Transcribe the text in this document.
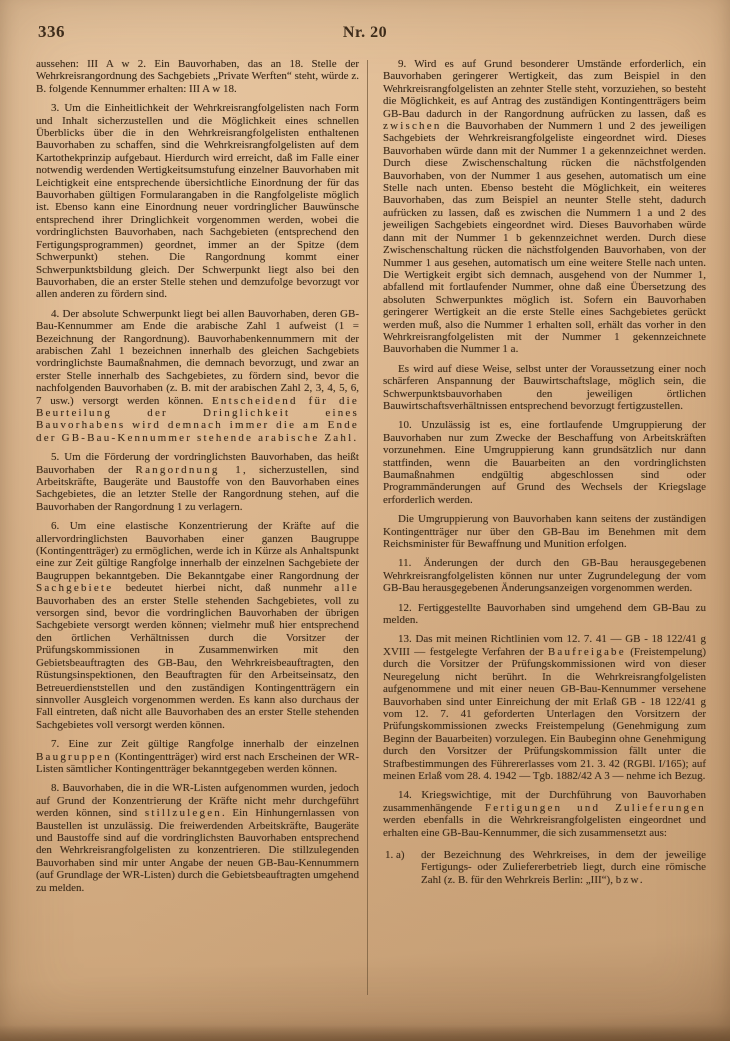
336	Nr. 20

aussehen: III A w 2. Ein Bauvorhaben, das an 18. Stelle der Wehrkreisrangordnung des Sachgebiets „Private Werften“ steht, würde z. B. folgende Kennummer erhalten: III A w 18.

3. Um die Einheitlichkeit der Wehrkreisrangfolgelisten nach Form und Inhalt sicherzustellen und die Möglichkeit eines schnellen Überblicks über die in den Wehrkreisrangfolgelisten enthaltenen Bauvorhaben zu schaffen, sind die Wehrkreisrangfolgelisten auf dem Kartothekprinzip aufgebaut. Hierdurch wird erreicht, daß im Falle einer notwendig werdenden Wertigkeitsumstufung einzelner Bauvorhaben mit Leichtigkeit eine entsprechende übersichtliche Einordnung der für das Bauvorhaben gültigen Formularangaben in die Rangfolgeliste möglich ist. Ebenso kann eine Einordnung neuer vordringlicher Bauwünsche entsprechend ihrer Dringlichkeit vorgenommen werden, wobei die vordringlichsten Bauvorhaben, nach Sachgebieten (entsprechend den Fertigungsprogrammen) geordnet, immer an der Spitze (dem Schwerpunkt) stehen. Die Rangordnung kommt einer Schwerpunktsbildung gleich. Der Schwerpunkt liegt also bei den Bauvorhaben, die an erster Stelle stehen und demzufolge bevorzugt vor allen anderen zu fördern sind.

4. Der absolute Schwerpunkt liegt bei allen Bauvorhaben, deren GB-Bau-Kennummer am Ende die arabische Zahl 1 aufweist (1 = Bezeichnung der Rangordnung). Bauvorhabenkennummern mit der arabischen Zahl 1 bezeichnen innerhalb des gleichen Sachgebiets vordringlichste Baumaßnahmen, die demnach bevorzugt, und zwar an erster Stelle innerhalb des Sachgebietes, zu fördern sind, bevor die nachfolgenden Bauvorhaben (z. B. mit der arabischen Zahl 2, 3, 4, 5, 6, 7 usw.) versorgt werden können. Entscheidend für die Beurteilung der Dringlichkeit eines Bauvorhabens wird demnach immer die am Ende der GB-Bau-Kennummer stehende arabische Zahl.

5. Um die Förderung der vordringlichsten Bauvorhaben, das heißt Bauvorhaben der Rangordnung 1, sicherzustellen, sind Arbeitskräfte, Baugeräte und Baustoffe von den Bauvorhaben eines Sachgebietes, die an letzter Stelle der Rangordnung stehen, auf die Bauvorhaben der Rangordnung 1 zu verlagern.

6. Um eine elastische Konzentrierung der Kräfte auf die allervordringlichsten Bauvorhaben einer ganzen Baugruppe (Kontingentträger) zu ermöglichen, werde ich in Kürze als Anhaltspunkt eine zur Zeit gültige Rangfolge innerhalb der einzelnen Sachgebiete der Baugruppen bekanntgeben. Die Bekanntgabe einer Rangordnung der Sachgebiete bedeutet hierbei nicht, daß nunmehr alle Bauvorhaben des an erster Stelle stehenden Sachgebietes, voll zu versorgen sind, bevor die vordringlichen Bauvorhaben der übrigen Sachgebiete versorgt werden können; vielmehr muß hier entsprechend den örtlichen Verhältnissen durch die Vorsitzer der Prüfungskommissionen in Zusammenwirken mit den Gebietsbeauftragten des GB-Bau, den Wehrkreisbeauftragten, den Rüstungsinspektionen, den Beauftragten für den Arbeitseinsatz, den Betreuerdienststellen und den zuständigen Kontingentträgern ein sinnvoller Ausgleich vorgenommen werden. Es kann also durchaus der Fall eintreten, daß nicht alle Bauvorhaben des an erster Stelle stehenden Sachgebietes voll versorgt werden können.

7. Eine zur Zeit gültige Rangfolge innerhalb der einzelnen Baugruppen (Kontingentträger) wird erst nach Erscheinen der WR-Listen sämtlicher Kontingentträger bekanntgegeben werden können.

8. Bauvorhaben, die in die WR-Listen aufgenommen wurden, jedoch auf Grund der Konzentrierung der Kräfte nicht mehr durchgeführt werden können, sind stillzulegen. Ein Hinhungernlassen von Baustellen ist unzulässig. Die freiwerdenden Arbeitskräfte, Baugeräte und Baustoffe sind auf die vordringlichsten Bauvorhaben entsprechend den Wehrkreisrangfolgelisten zu konzentrieren. Die stillzulegenden Bauvorhaben sind mir unter Angabe der neuen GB-Bau-Kennummern (auf Grundlage der WR-Listen) durch die Gebietsbeauftragten umgehend zu melden.

9. Wird es auf Grund besonderer Umstände erforderlich, ein Bauvorhaben geringerer Wertigkeit, das zum Beispiel in den Wehrkreisrangfolgelisten an zehnter Stelle steht, vorzuziehen, so besteht die Möglichkeit, es auf Antrag des zuständigen Kontingentträgers beim GB-Bau dadurch in der Rangordnung aufrücken zu lassen, daß es zwischen die Bauvorhaben der Nummern 1 und 2 des jeweiligen Sachgebiets der Wehrkreisrangfolgeliste eingeordnet wird. Dieses Bauvorhaben würde dann mit der Nummer 1 a gekennzeichnet werden. Durch diese Zwischenschaltung rücken die nächstfolgenden Bauvorhaben, von der Nummer 1 aus gesehen, automatisch um eine Stelle nach unten. Ebenso besteht die Möglichkeit, ein weiteres Bauvorhaben, das zum Beispiel an neunter Stelle steht, dadurch aufrücken zu lassen, daß es zwischen die Nummern 1 a und 2 des jeweiligen Sachgebiets eingeordnet wird. Dieses Bauvorhaben würde dann mit der Nummer 1 b gekennzeichnet werden. Durch diese Zwischenschaltung rücken die nächstfolgenden Bauvorhaben, von der Nummer 1 aus gesehen, automatisch um eine weitere Stelle nach unten. Die Wertigkeit ergibt sich demnach, ausgehend von der Nummer 1, abfallend mit fortlaufender Nummer, ohne daß eine Übersetzung des absoluten Schwerpunktes möglich ist. Sofern ein Bauvorhaben geringerer Wertigkeit an die erste Stelle eines Sachgebietes gerückt werden muß, also die Nummer 1 erhalten soll, erhält das vorher in den Wehrkreisrangfolgelisten mit der Nummer 1 gekennzeichnete Bauvorhaben die Nummer 1 a.

Es wird auf diese Weise, selbst unter der Voraussetzung einer noch schärferen Anspannung der Bauwirtschaftslage, möglich sein, die Schwerpunktsbauvorhaben den jeweiligen örtlichen Bauwirtschaftsverhältnissen entsprechend bevorzugt fertigzustellen.

10. Unzulässig ist es, eine fortlaufende Umgruppierung der Bauvorhaben nur zum Zwecke der Beschaffung von Arbeitskräften vorzunehmen. Eine Umgruppierung kann grundsätzlich nur dann stattfinden, wenn die Bauarbeiten an den vordringlichsten Baumaßnahmen endgültig abgeschlossen sind oder Programmänderungen auf Grund des Wechsels der Kriegslage erforderlich werden.

Die Umgruppierung von Bauvorhaben kann seitens der zuständigen Kontingentträger nur über den GB-Bau im Benehmen mit dem Reichsminister für Bewaffnung und Munition erfolgen.

11. Änderungen der durch den GB-Bau herausgegebenen Wehrkreisrangfolgelisten können nur unter Zugrundelegung der vom GB-Bau herausgegebenen Änderungsanzeigen vorgenommen werden.

12. Fertiggestellte Bauvorhaben sind umgehend dem GB-Bau zu melden.

13. Das mit meinen Richtlinien vom 12. 7. 41 — GB - 18 122/41 g XVIII — festgelegte Verfahren der Baufreigabe (Freistempelung) durch die Vorsitzer der Prüfungskommissionen wird von dieser Neuregelung nicht berührt. In die Wehrkreisrangfolgelisten aufgenommene und mit einer neuen GB-Bau-Kennummer versehene Bauvorhaben sind unter Einreichung der mit Erlaß GB - 18 122/41 g vom 12. 7. 41 geforderten Unterlagen den Vorsitzern der Prüfungskommissionen zwecks Freistempelung (Genehmigung zum Beginn der Bauarbeiten) vorzulegen. Ein Baubeginn ohne Genehmigung durch den Vorsitzer der Prüfungskommission fällt unter die Strafbestimmungen des Führererlasses vom 21. 3. 42 (RGBl. I/165); auf meinen Erlaß vom 28. 4. 1942 — Tgb. 1882/42 A 3 — nehme ich Bezug.

14. Kriegswichtige, mit der Durchführung von Bauvorhaben zusammenhängende Fertigungen und Zulieferungen werden ebenfalls in die Wehrkreisrangfolgelisten eingeordnet und erhalten eine GB-Bau-Kennummer, die sich zusammensetzt aus:

1. a)	der Bezeichnung des Wehrkreises, in dem der jeweilige Fertigungs- oder Zuliefererbetrieb liegt, durch eine römische Zahl (z. B. für den Wehrkreis Berlin: „III“), bzw.
